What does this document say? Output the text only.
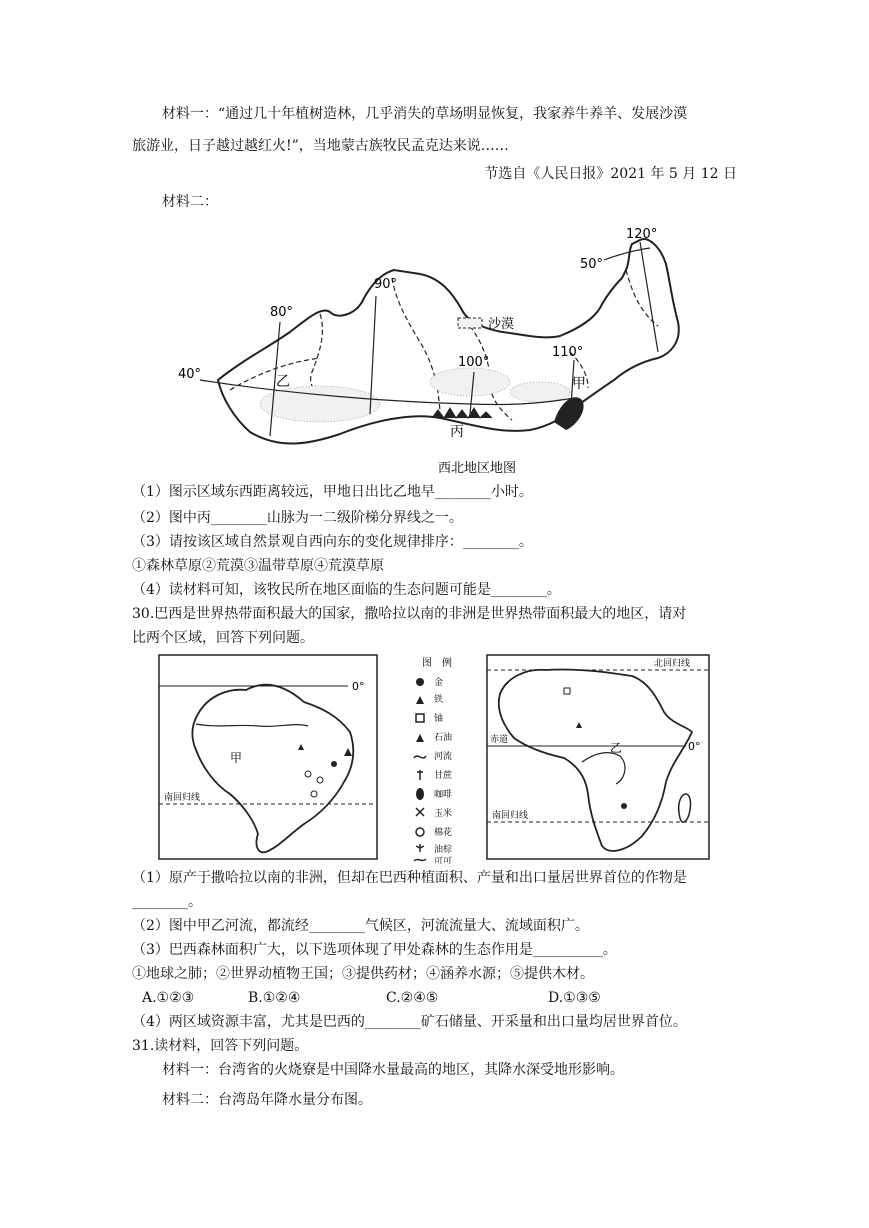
材料一：“通过几十年植树造林，几乎消失的草场明显恢复，我家养牛养羊、发展沙漠
旅游业，日子越过越红火!”，当地蒙古族牧民孟克达来说……
节选自《人民日报》2021 年 5 月 12 日
材料二：
沙漠
120°
50°
90°
80°
40°
100°
110°
甲
乙
丙
西北地区地图
（1）图示区域东西距离较远，甲地日出比乙地早________小时。
（2）图中丙________山脉为一二级阶梯分界线之一。
（3）请按该区域自然景观自西向东的变化规律排序：________。
①森林草原②荒漠③温带草原④荒漠草原
（4）读材料可知，该牧民所在地区面临的生态问题可能是________。
30.巴西是世界热带面积最大的国家，撒哈拉以南的非洲是世界热带面积最大的地区，请对
比两个区域，回答下列问题。
0°
甲
南回归线
图　例
金
铁
铀
石油
河流
甘蔗
咖啡
玉米
棉花
油棕
可可
北回归线
赤道	0°
南回归线
乙
（1）原产于撒哈拉以南的非洲，但却在巴西种植面积、产量和出口量居世界首位的作物是
________。
（2）图中甲乙河流，都流经________气候区，河流流量大、流域面积广。
（3）巴西森林面积广大，以下选项体现了甲处森林的生态作用是__________。
①地球之肺；②世界动植物王国；③提供药材；④涵养水源；⑤提供木材。
A.①②③	B.①②④	C.②④⑤	D.①③⑤
（4）两区域资源丰富，尤其是巴西的________矿石储量、开采量和出口量均居世界首位。
31.读材料，回答下列问题。
材料一：台湾省的火烧寮是中国降水量最高的地区，其降水深受地形影响。
材料二：台湾岛年降水量分布图。
